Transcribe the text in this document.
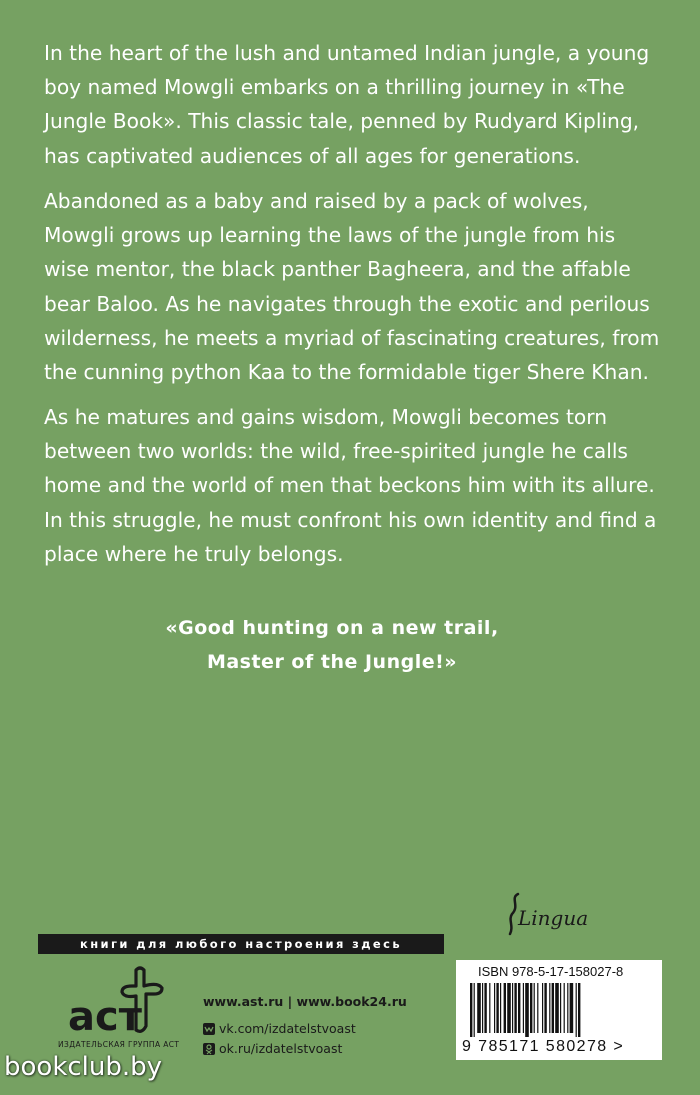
In the heart of the lush and untamed Indian jungle, a young boy named Mowgli embarks on a thrilling journey in «The Jungle Book». This classic tale, penned by Rudyard Kipling, has captivated audiences of all ages for generations.

Abandoned as a baby and raised by a pack of wolves, Mowgli grows up learning the laws of the jungle from his wise mentor, the black panther Bagheera, and the affable bear Baloo. As he navigates through the exotic and perilous wilderness, he meets a myriad of fascinating creatures, from the cunning python Kaa to the formidable tiger Shere Khan.

As he matures and gains wisdom, Mowgli becomes torn between two worlds: the wild, free-spirited jungle he calls home and the world of men that beckons him with its allure. In this struggle, he must confront his own identity and find a place where he truly belongs.

«Good hunting on a new trail,
Master of the Jungle!»
книги для любого настроения здесь
Lingua
acт
ИЗДАТЕЛЬСКАЯ ГРУППА АСТ
www.ast.ru | www.book24.ru
vk.com/izdatelstvoast
ok.ru/izdatelstvoast
ISBN 978-5-17-158027-8
9 785171 580278 >
bookclub.by
